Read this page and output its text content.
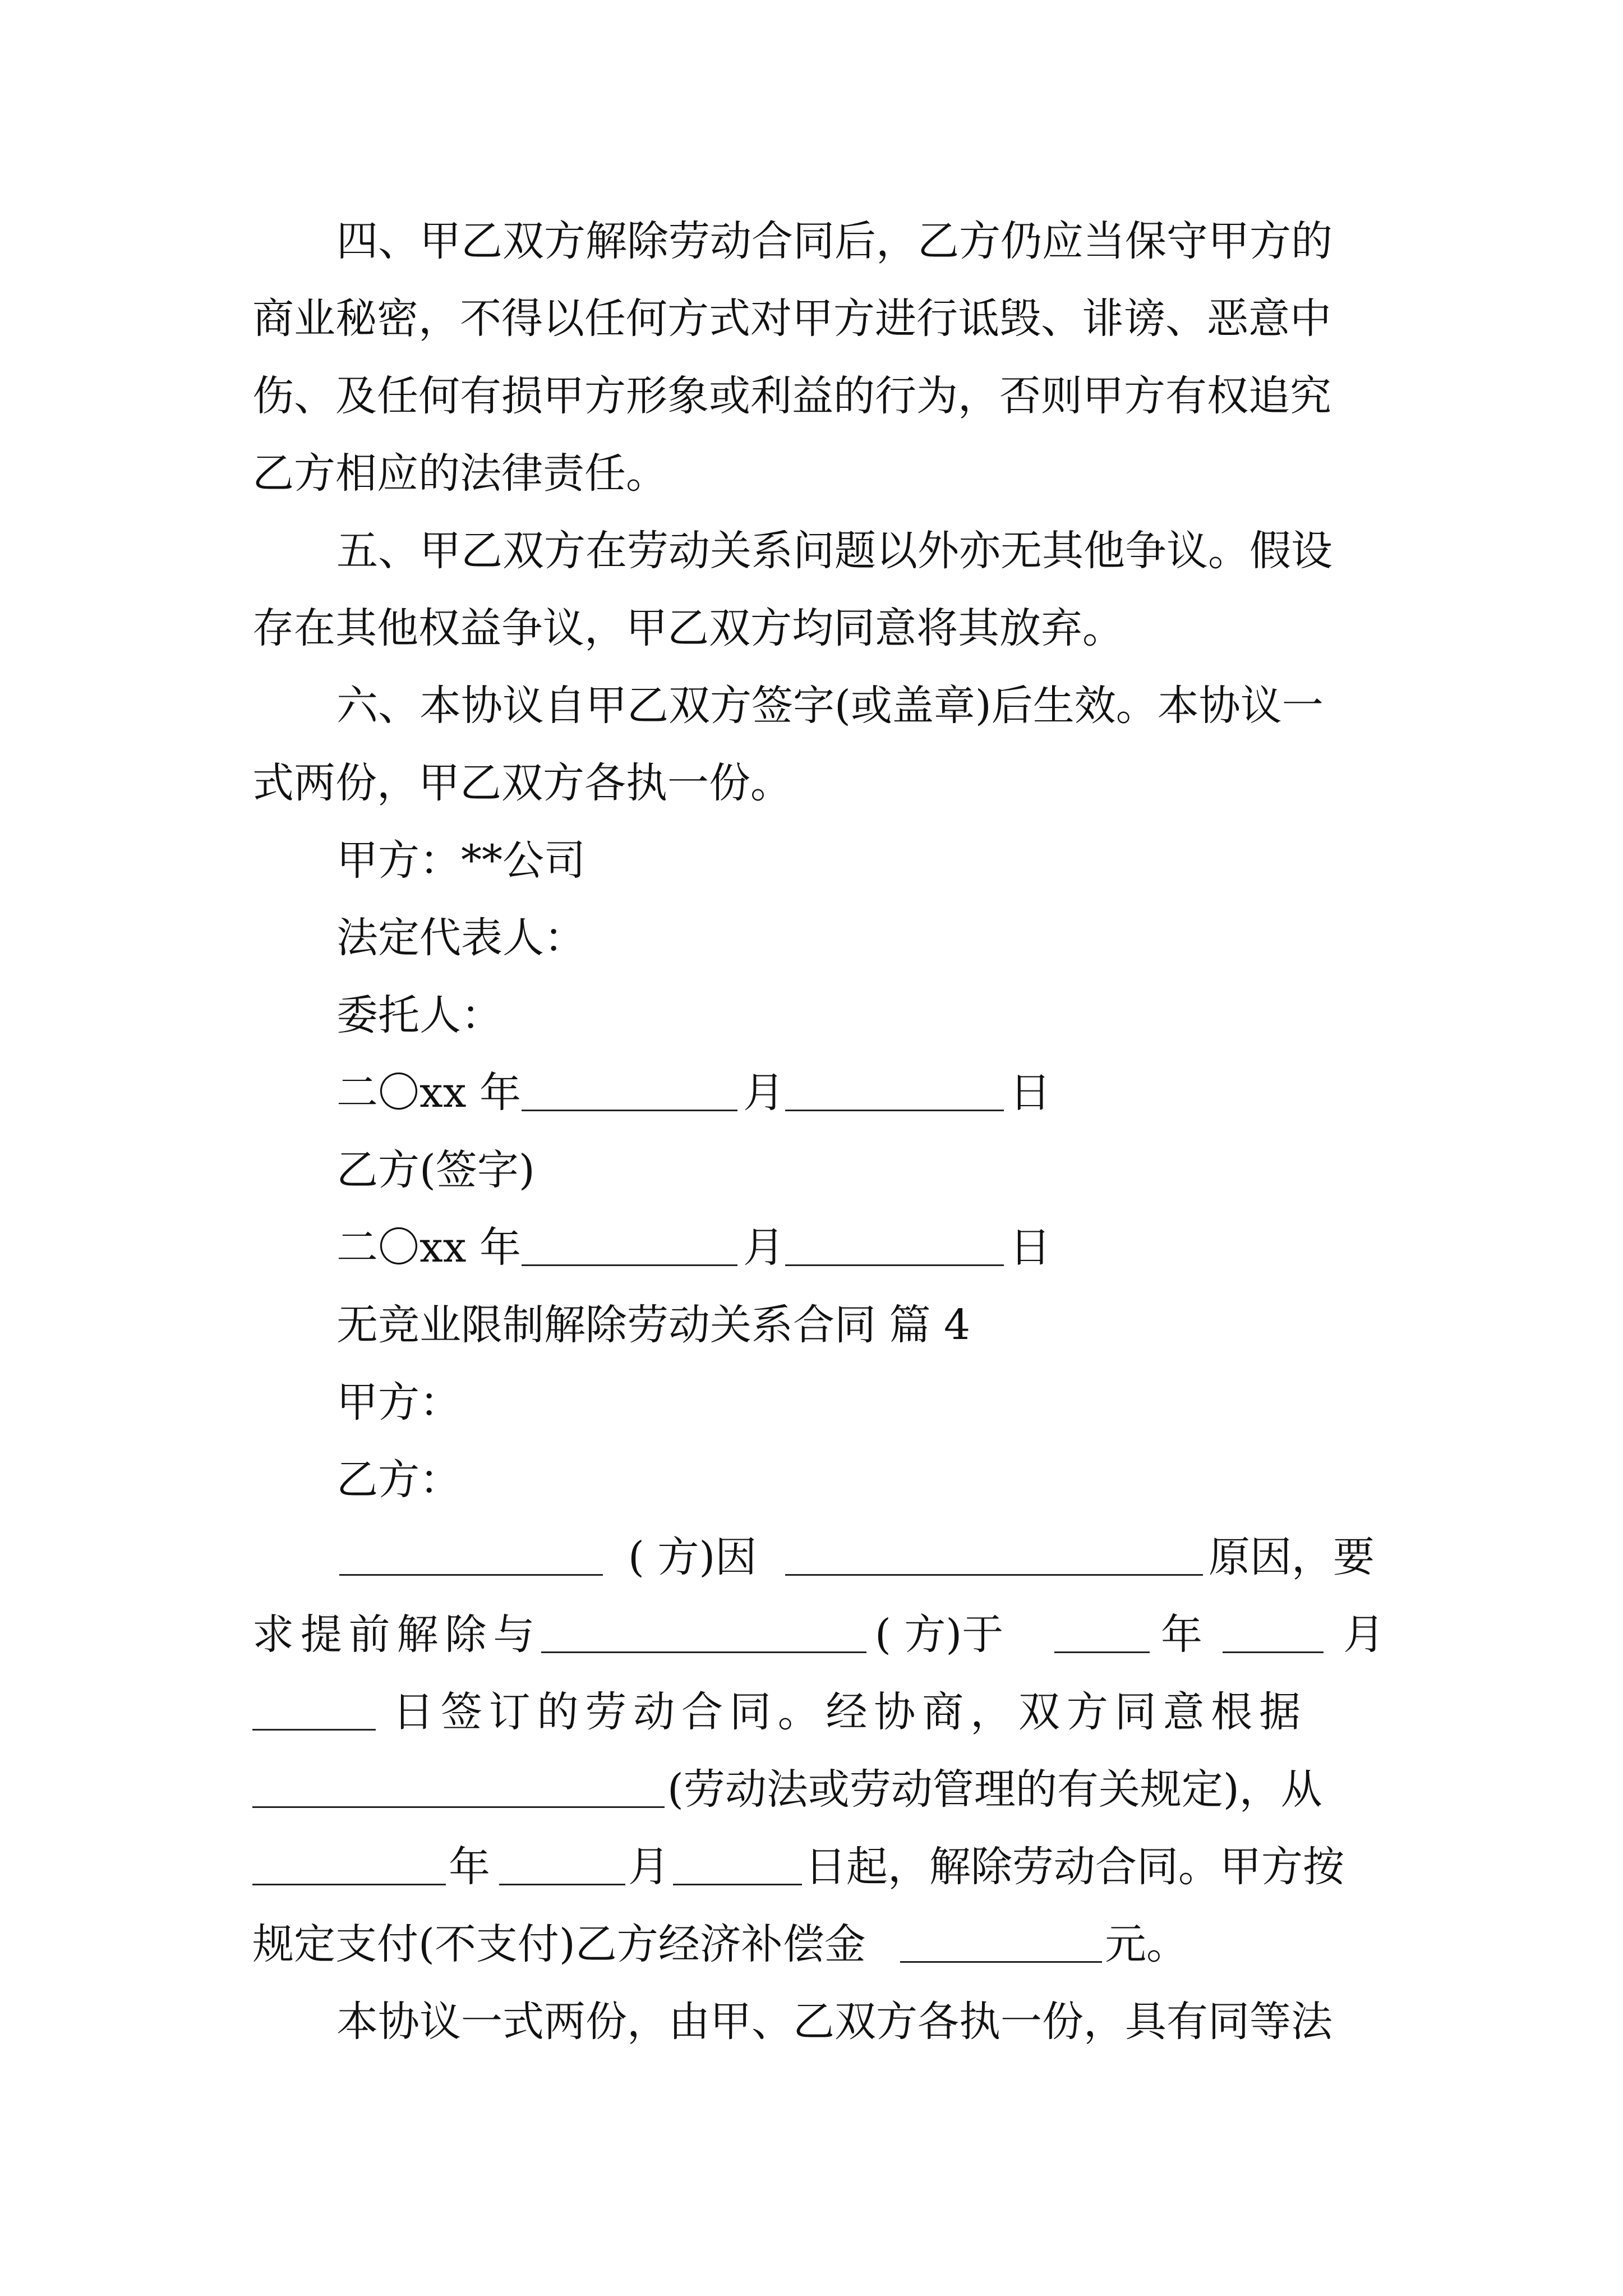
四、甲乙双方解除劳动合同后，乙方仍应当保守甲方的
商业秘密，不得以任何方式对甲方进行诋毁、诽谤、恶意中
伤、及任何有损甲方形象或利益的行为，否则甲方有权追究
乙方相应的法律责任。
五、甲乙双方在劳动关系问题以外亦无其他争议。假设
存在其他权益争议，甲乙双方均同意将其放弃。
六、本协议自甲乙双方签字(或盖章)后生效。本协议一
式两份，甲乙双方各执一份。
甲方：**公司
法定代表人：
委托人：
二〇xx 年	月	日
乙方(签字)
二〇xx 年	月	日
无竞业限制解除劳动关系合同 篇 4
甲方：
乙方：
( 方)因	原因，要
求提前解除与	( 方)于	年	月
日签订的劳动合同。经协商，双方同意根据
(劳动法或劳动管理的有关规定)，从
年	月	日起，解除劳动合同。甲方按
规定支付(不支付)乙方经济补偿金	元。
本协议一式两份，由甲、乙双方各执一份，具有同等法
